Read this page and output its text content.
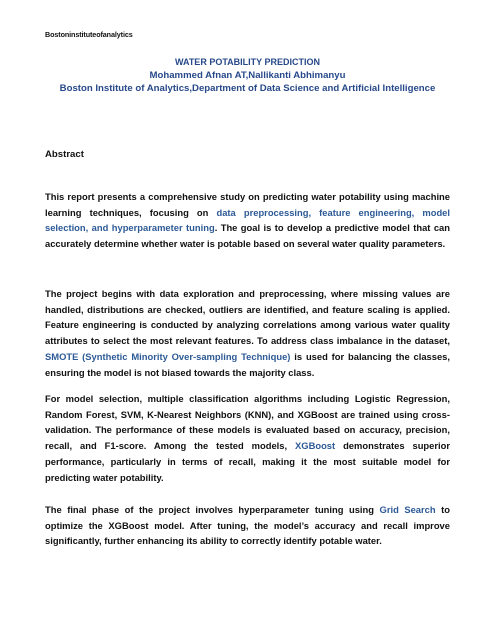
Bostoninstituteofanalytics
WATER POTABILITY PREDICTION
Mohammed Afnan AT,Nallikanti Abhimanyu
Boston Institute of Analytics,Department of Data Science and Artificial Intelligence
Abstract

This report presents a comprehensive study on predicting water potability using machine learning techniques, focusing on data preprocessing, feature engineering, model selection, and hyperparameter tuning. The goal is to develop a predictive model that can accurately determine whether water is potable based on several water quality parameters.

The project begins with data exploration and preprocessing, where missing values are handled, distributions are checked, outliers are identified, and feature scaling is applied. Feature engineering is conducted by analyzing correlations among various water quality attributes to select the most relevant features. To address class imbalance in the dataset, SMOTE (Synthetic Minority Over-sampling Technique) is used for balancing the classes, ensuring the model is not biased towards the majority class.

For model selection, multiple classification algorithms including Logistic Regression, Random Forest, SVM, K-Nearest Neighbors (KNN), and XGBoost are trained using cross-validation. The performance of these models is evaluated based on accuracy, precision, recall, and F1-score. Among the tested models, XGBoost demonstrates superior performance, particularly in terms of recall, making it the most suitable model for predicting water potability.

The final phase of the project involves hyperparameter tuning using Grid Search to optimize the XGBoost model. After tuning, the model’s accuracy and recall improve significantly, further enhancing its ability to correctly identify potable water.
